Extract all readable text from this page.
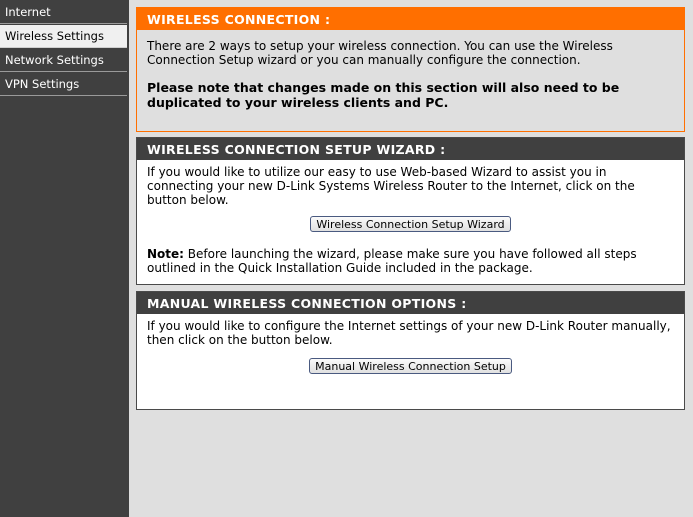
Internet
Wireless Settings
Network Settings
VPN Settings
WIRELESS CONNECTION :

There are 2 ways to setup your wireless connection. You can use the Wireless Connection Setup wizard or you can manually configure the connection.

Please note that changes made on this section will also need to be duplicated to your wireless clients and PC.

WIRELESS CONNECTION SETUP WIZARD :

If you would like to utilize our easy to use Web-based Wizard to assist you in connecting your new D-Link Systems Wireless Router to the Internet, click on the button below.

Wireless Connection Setup Wizard

Note: Before launching the wizard, please make sure you have followed all steps outlined in the Quick Installation Guide included in the package.

MANUAL WIRELESS CONNECTION OPTIONS :

If you would like to configure the Internet settings of your new D-Link Router manually, then click on the button below.

Manual Wireless Connection Setup
